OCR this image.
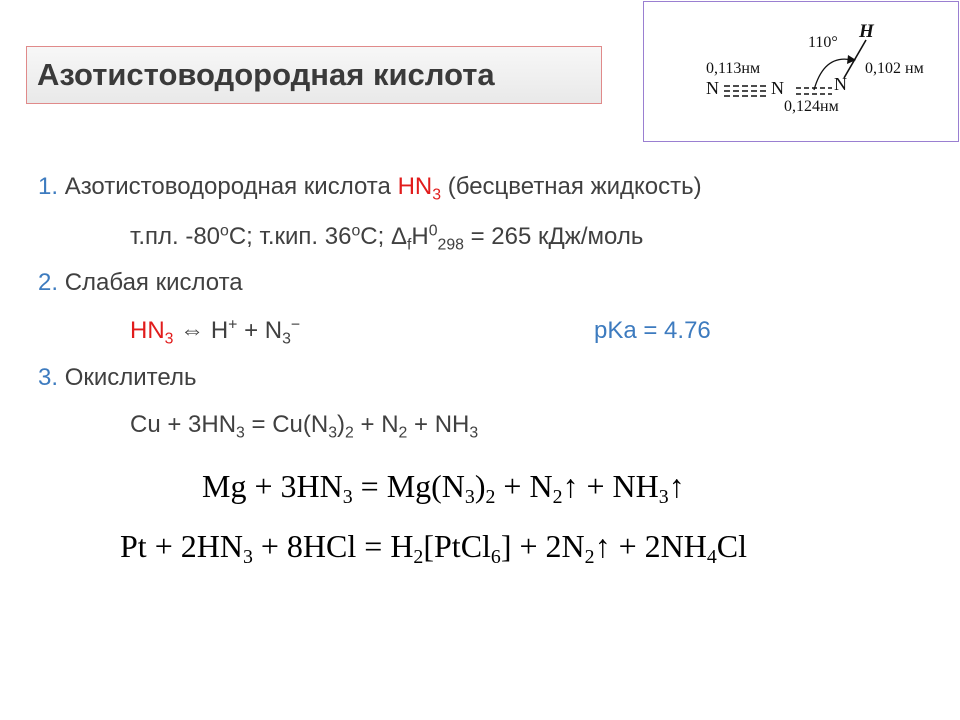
Азотистоводородная кислота
110°
H
0,113нм	0,102 нм
N	N	N
0,124нм
1. Азотистоводородная кислота $HN_3$ (бесцветная жидкость)
т.пл. -80$^o$С; т.кип. 36$^o$С; $\Delta_fH^0_{298} = 265$ кДж/моль
2. Слабая кислота
$HN_3$ ⇔ $H^+ + N_3^-$	pKa = 4.76
3. Окислитель
$Cu + 3HN_3 = Cu(N_3)_2 + N_2 + NH_3$
$Mg + 3HN_3 = Mg(N_3)_2$ + $N_2↑$ + $NH_3↑$
$Pt + 2HN_3 + 8HCl$ = $H_2[PtCl_6]$ + $2N_2↑ + 2NH_4Cl$
